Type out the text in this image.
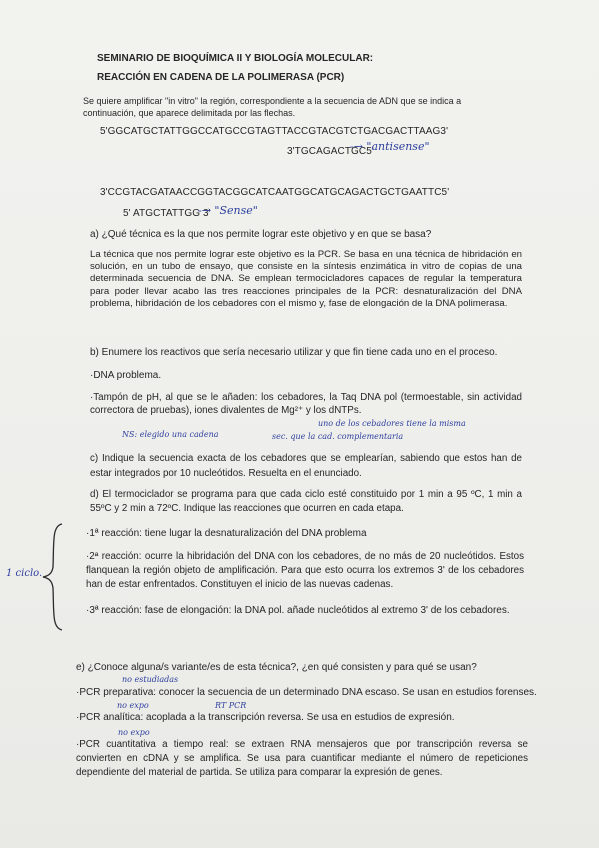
SEMINARIO DE BIOQUÍMICA II Y BIOLOGÍA MOLECULAR:
REACCIÓN EN CADENA DE LA POLIMERASA (PCR)
Se quiere amplificar "in vitro" la región, correspondiente a la secuencia de ADN que se indica a
continuación, que aparece delimitada por las flechas.
5'GGCATGCTATTGGCCATGCCGTAGTTACCGTACGTCTGACGACTTAAG3'
3'TGCAGACTGC5'
-→ "antisense"
3'CCGTACGATAACCGGTACGGCATCAATGGCATGCAGACTGCTGAATTC5'
5' ATGCTATTGG 3'
-→ "Sense"
a) ¿Qué técnica es la que nos permite lograr este objetivo y en que se basa?
La técnica que nos permite lograr este objetivo es la PCR. Se basa en una técnica de hibridación en solución, en un tubo de ensayo, que consiste en la síntesis enzimática in vitro de copias de una determinada secuencia de DNA. Se emplean termocicladores capaces de regular la temperatura para poder llevar acabo las tres reacciones principales de la PCR: desnaturalización del DNA problema, hibridación de los cebadores con el mismo y, fase de elongación de la DNA polimerasa.
b) Enumere los reactivos que sería necesario utilizar y que fin tiene cada uno en el proceso.
·DNA problema.
·Tampón de pH, al que se le añaden: los cebadores, la Taq DNA pol (termoestable, sin actividad correctora de pruebas), iones divalentes de Mg²⁺ y los dNTPs.
uno de los cebadores tiene la misma
NS: elegido una cadena	sec. que la cad. complementaria
c) Indique la secuencia exacta de los cebadores que se emplearían, sabiendo que estos han de estar integrados por 10 nucleótidos. Resuelta en el enunciado.
d) El termociclador se programa para que cada ciclo esté constituido por 1 min a 95 ºC, 1 min a 55ºC y 2 min a 72ºC. Indique las reacciones que ocurren en cada etapa.
1 ciclo.
·1ª reacción: tiene lugar la desnaturalización del DNA problema
·2ª reacción: ocurre la hibridación del DNA con los cebadores, de no más de 20 nucleótidos. Estos flanquean la región objeto de amplificación. Para que esto ocurra los extremos 3' de los cebadores han de estar enfrentados. Constituyen el inicio de las nuevas cadenas.
·3ª reacción: fase de elongación: la DNA pol. añade nucleótidos al extremo 3' de los cebadores.
e) ¿Conoce alguna/s variante/es de esta técnica?, ¿en qué consisten y para qué se usan?
no estudiadas
·PCR preparativa: conocer la secuencia de un determinado DNA escaso. Se usan en estudios forenses.
no expo	RT PCR
·PCR analítica: acoplada a la transcripción reversa. Se usa en estudios de expresión.
no expo
·PCR cuantitativa a tiempo real: se extraen RNA mensajeros que por transcripción reversa se convierten en cDNA y se amplifica. Se usa para cuantificar mediante el número de repeticiones dependiente del material de partida. Se utiliza para comparar la expresión de genes.
